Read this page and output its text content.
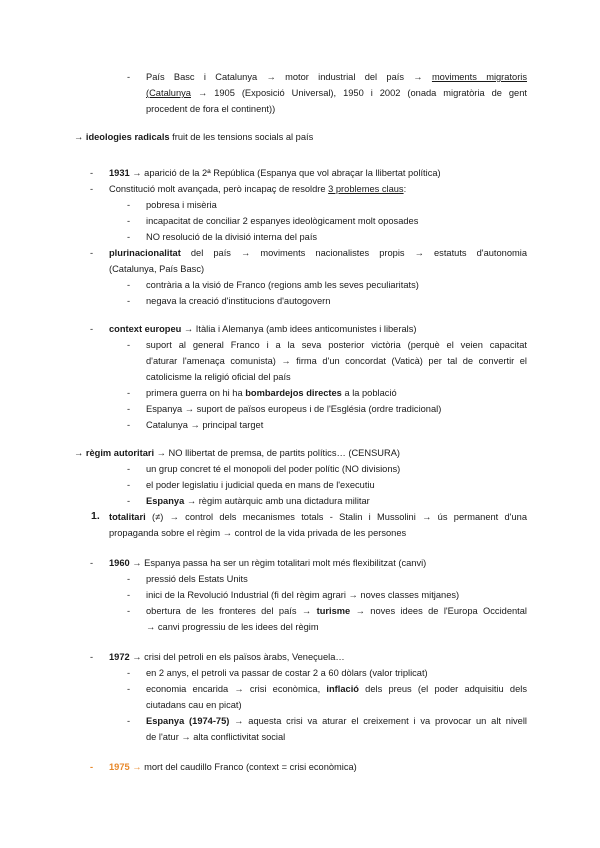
- País Basc i Catalunya → motor industrial del país → moviments migratoris
(Catalunya → 1905 (Exposició Universal), 1950 i 2002 (onada migratòria de gent
procedent de fora el continent))
→ ideologies radicals fruit de les tensions socials al país
- 1931 → aparició de la 2ª República (Espanya que vol abraçar la llibertat política)
- Constitució molt avançada, però incapaç de resoldre 3 problemes claus:
- pobresa i misèria
- incapacitat de conciliar 2 espanyes ideològicament molt oposades
- NO resolució de la divisió interna del país
- plurinacionalitat del país → moviments nacionalistes propis → estatuts d'autonomia
(Catalunya, País Basc)
- contrària a la visió de Franco (regions amb les seves peculiaritats)
- negava la creació d'institucions d'autogovern
- context europeu → Itàlia i Alemanya (amb idees anticomunistes i liberals)
- suport al general Franco i a la seva posterior victòria (perquè el veien capacitat
d'aturar l'amenaça comunista) → firma d'un concordat (Vaticà) per tal de convertir el
catolicisme la religió oficial del país
- primera guerra on hi ha bombardejos directes a la població
- Espanya → suport de països europeus i de l'Església (ordre tradicional)
- Catalunya → principal target
→ règim autoritari → NO llibertat de premsa, de partits polítics… (CENSURA)
- un grup concret té el monopoli del poder polític (NO divisions)
- el poder legislatiu i judicial queda en mans de l'executiu
- Espanya → règim autàrquic amb una dictadura militar
1. totalitari (≠) → control dels mecanismes totals - Stalin i Mussolini → ús permanent d'una
propaganda sobre el règim → control de la vida privada de les persones
- 1960 → Espanya passa ha ser un règim totalitari molt més flexibilitzat (canvi)
- pressió dels Estats Units
- inici de la Revolució Industrial (fi del règim agrari → noves classes mitjanes)
- obertura de les fronteres del país → turisme → noves idees de l'Europa Occidental
→ canvi progressiu de les idees del règim
- 1972 → crisi del petroli en els països àrabs, Veneçuela…
- en 2 anys, el petroli va passar de costar 2 a 60 dòlars (valor triplicat)
- economia encarida → crisi econòmica, inflació dels preus (el poder adquisitiu dels
ciutadans cau en picat)
- Espanya (1974-75) → aquesta crisi va aturar el creixement i va provocar un alt nivell
de l'atur → alta conflictivitat social
- 1975 → mort del caudillo Franco (context = crisi econòmica)
